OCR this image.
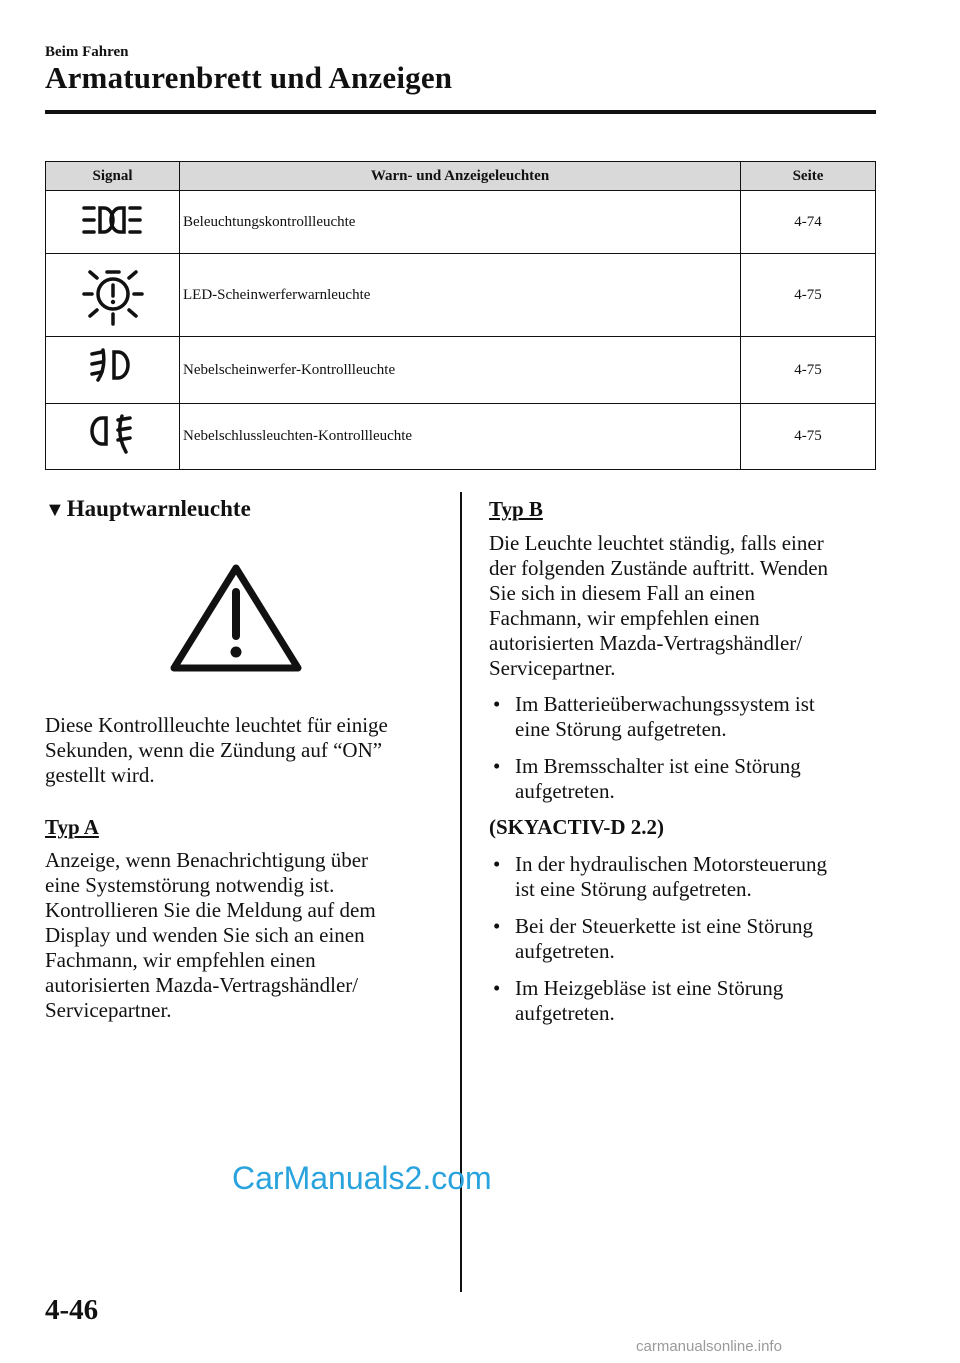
Beim Fahren
Armaturenbrett und Anzeigen
Signal	Warn- und Anzeigeleuchten	Seite
	Beleuchtungskontrollleuchte	4-74
	LED-Scheinwerferwarnleuchte	4-75
	Nebelscheinwerfer-Kontrollleuchte	4-75
	Nebelschlussleuchten-Kontrollleuchte	4-75
▼Hauptwarnleuchte
Diese Kontrollleuchte leuchtet für einige
Sekunden, wenn die Zündung auf “ON”
gestellt wird.
Typ A
Anzeige, wenn Benachrichtigung über
eine Systemstörung notwendig ist.
Kontrollieren Sie die Meldung auf dem
Display und wenden Sie sich an einen
Fachmann, wir empfehlen einen
autorisierten Mazda-Vertragshändler/
Servicepartner.
Typ B
Die Leuchte leuchtet ständig, falls einer
der folgenden Zustände auftritt. Wenden
Sie sich in diesem Fall an einen
Fachmann, wir empfehlen einen
autorisierten Mazda-Vertragshändler/
Servicepartner.
• Im Batterieüberwachungssystem ist
eine Störung aufgetreten.
• Im Bremsschalter ist eine Störung
aufgetreten.
(SKYACTIV-D 2.2)
• In der hydraulischen Motorsteuerung
ist eine Störung aufgetreten.
• Bei der Steuerkette ist eine Störung
aufgetreten.
• Im Heizgebläse ist eine Störung
aufgetreten.
CarManuals2.com
4-46
carmanualsonline.info
